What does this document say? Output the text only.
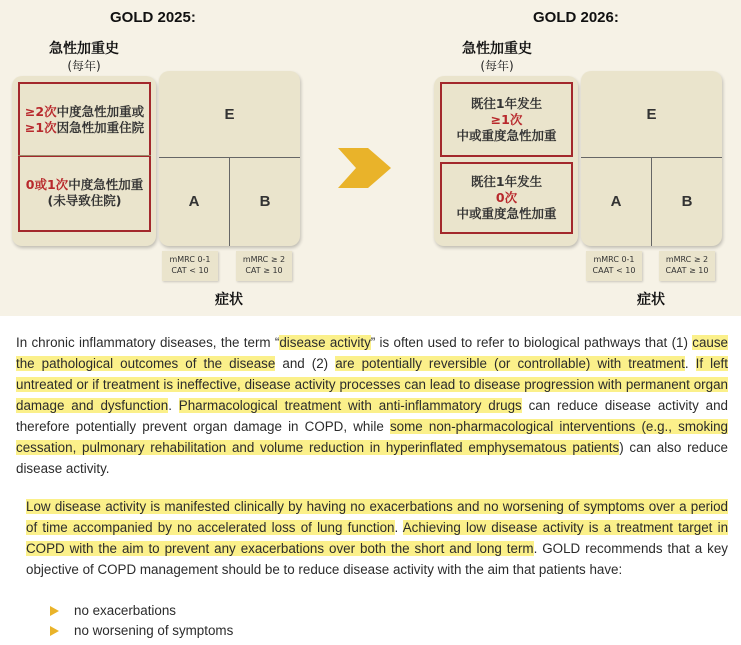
GOLD 2025:
急性加重史
(每年)
≥2次中度急性加重或
≥1次因急性加重住院
0或1次中度急性加重
(未导致住院)
E
A	B
mMRC 0-1
CAT < 10
mMRC ≥ 2
CAT ≥ 10
症状
GOLD 2026:
急性加重史
(每年)
既往1年发生
≥1次
中或重度急性加重
既往1年发生
0次
中或重度急性加重
E
A	B
mMRC 0-1
CAAT < 10
mMRC ≥ 2
CAAT ≥ 10
症状

In chronic inflammatory diseases, the term “disease activity” is often used to refer to biological pathways that (1) cause the pathological outcomes of the disease and (2) are potentially reversible (or controllable) with treatment. If left untreated or if treatment is ineffective, disease activity processes can lead to disease progression with permanent organ damage and dysfunction. Pharmacological treatment with anti-inflammatory drugs can reduce disease activity and therefore potentially prevent organ damage in COPD, while some non-pharmacological interventions (e.g., smoking cessation, pulmonary rehabilitation and volume reduction in hyperinflated emphysematous patients) can also reduce disease activity.

Low disease activity is manifested clinically by having no exacerbations and no worsening of symptoms over a period of time accompanied by no accelerated loss of lung function. Achieving low disease activity is a treatment target in COPD with the aim to prevent any exacerbations over both the short and long term. GOLD recommends that a key objective of COPD management should be to reduce disease activity with the aim that patients have:

no exacerbations
no worsening of symptoms
